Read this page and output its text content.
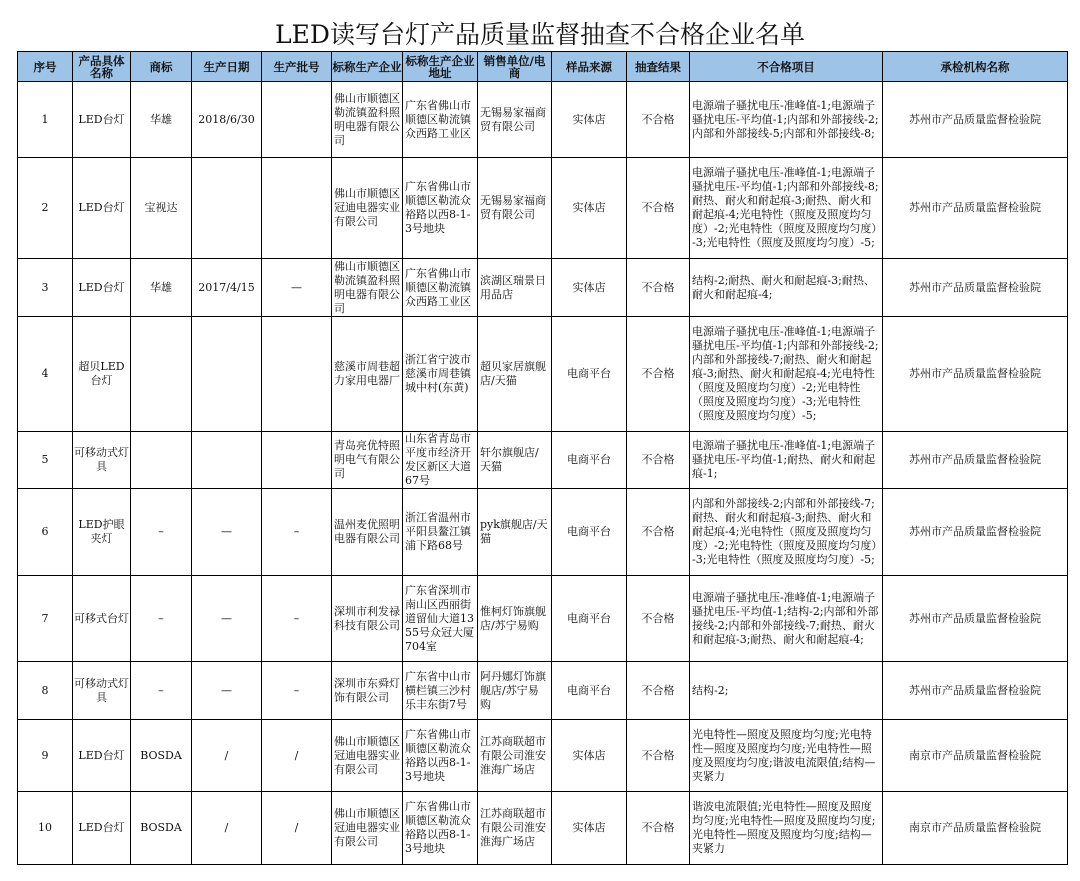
LED读写台灯产品质量监督抽查不合格企业名单
序号	产品具体名称	商标	生产日期	生产批号	标称生产企业	标称生产企业地址	销售单位/电商	样品来源	抽查结果	不合格项目	承检机构名称

1	LED台灯	华雄	2018/6/30		佛山市顺德区勒流镇盈科照明电器有限公司	广东省佛山市顺德区勒流镇众西路工业区	无锡易家福商贸有限公司	实体店	不合格	电源端子骚扰电压-准峰值-1;电源端子骚扰电压-平均值-1;内部和外部接线-2;内部和外部接线-5;内部和外部接线-8;	苏州市产品质量监督检验院

2	LED台灯	宝视达			佛山市顺德区冠迪电器实业有限公司	广东省佛山市顺德区勒流众裕路以西8-1-3号地块	无锡易家福商贸有限公司	实体店	不合格	电源端子骚扰电压-准峰值-1;电源端子骚扰电压-平均值-1;内部和外部接线-8;耐热、耐火和耐起痕-3;耐热、耐火和耐起痕-4;光电特性（照度及照度均匀度）-2;光电特性（照度及照度均匀度）-3;光电特性（照度及照度均匀度）-5;	苏州市产品质量监督检验院

3	LED台灯	华雄	2017/4/15	—	佛山市顺德区勒流镇盈科照明电器有限公司	广东省佛山市顺德区勒流镇众西路工业区	滨湖区瑞景日用品店	实体店	不合格	结构-2;耐热、耐火和耐起痕-3;耐热、耐火和耐起痕-4;	苏州市产品质量监督检验院

4	超贝LED台灯				慈溪市周巷超力家用电器厂	浙江省宁波市 慈溪市周巷镇城中村(东黄)	超贝家居旗舰店/天猫	电商平台	不合格	电源端子骚扰电压-准峰值-1;电源端子骚扰电压-平均值-1;内部和外部接线-2;内部和外部接线-7;耐热、耐火和耐起痕-3;耐热、耐火和耐起痕-4;光电特性（照度及照度均匀度）-2;光电特性（照度及照度均匀度）-3;光电特性（照度及照度均匀度）-5;	苏州市产品质量监督检验院

5	可移动式灯具				青岛亮优特照明电气有限公司	山东省青岛市平度市经济开发区新区大道67号	轩尔旗舰店/天猫	电商平台	不合格	电源端子骚扰电压-准峰值-1;电源端子骚扰电压-平均值-1;耐热、耐火和耐起痕-1;	苏州市产品质量监督检验院

6	LED护眼夹灯	–	—	–	温州麦优照明电器有限公司	浙江省温州市平阳县鳌江镇浦下路68号	pyk旗舰店/天猫	电商平台	不合格	内部和外部接线-2;内部和外部接线-7;耐热、耐火和耐起痕-3;耐热、耐火和耐起痕-4;光电特性（照度及照度均匀度）-2;光电特性（照度及照度均匀度）-3;光电特性（照度及照度均匀度）-5;	苏州市产品质量监督检验院

7	可移式台灯	–	—	–	深圳市利发禄科技有限公司	广东省深圳市南山区西丽街道留仙大道1355号众冠大厦704室	惟柯灯饰旗舰店/苏宁易购	电商平台	不合格	电源端子骚扰电压-准峰值-1;电源端子骚扰电压-平均值-1;结构-2;内部和外部接线-2;内部和外部接线-7;耐热、耐火和耐起痕-3;耐热、耐火和耐起痕-4;	苏州市产品质量监督检验院

8	可移动式灯具	–	—	–	深圳市东舜灯饰有限公司	广东省中山市横栏镇三沙村乐丰东街7号	阿丹娜灯饰旗舰店/苏宁易购	电商平台	不合格	结构-2;	苏州市产品质量监督检验院

9	LED台灯	BOSDA	/	/	佛山市顺德区冠迪电器实业有限公司	广东省佛山市顺德区勒流众裕路以西8-1-3号地块	江苏商联超市有限公司淮安淮海广场店	实体店	不合格	光电特性—照度及照度均匀度;光电特性—照度及照度均匀度;光电特性—照度及照度均匀度;谐波电流限值;结构—夹紧力	南京市产品质量监督检验院

10	LED台灯	BOSDA	/	/	佛山市顺德区冠迪电器实业有限公司	广东省佛山市顺德区勒流众裕路以西8-1-3号地块	江苏商联超市有限公司淮安淮海广场店	实体店	不合格	谐波电流限值;光电特性—照度及照度均匀度;光电特性—照度及照度均匀度;光电特性—照度及照度均匀度;结构—夹紧力	南京市产品质量监督检验院
